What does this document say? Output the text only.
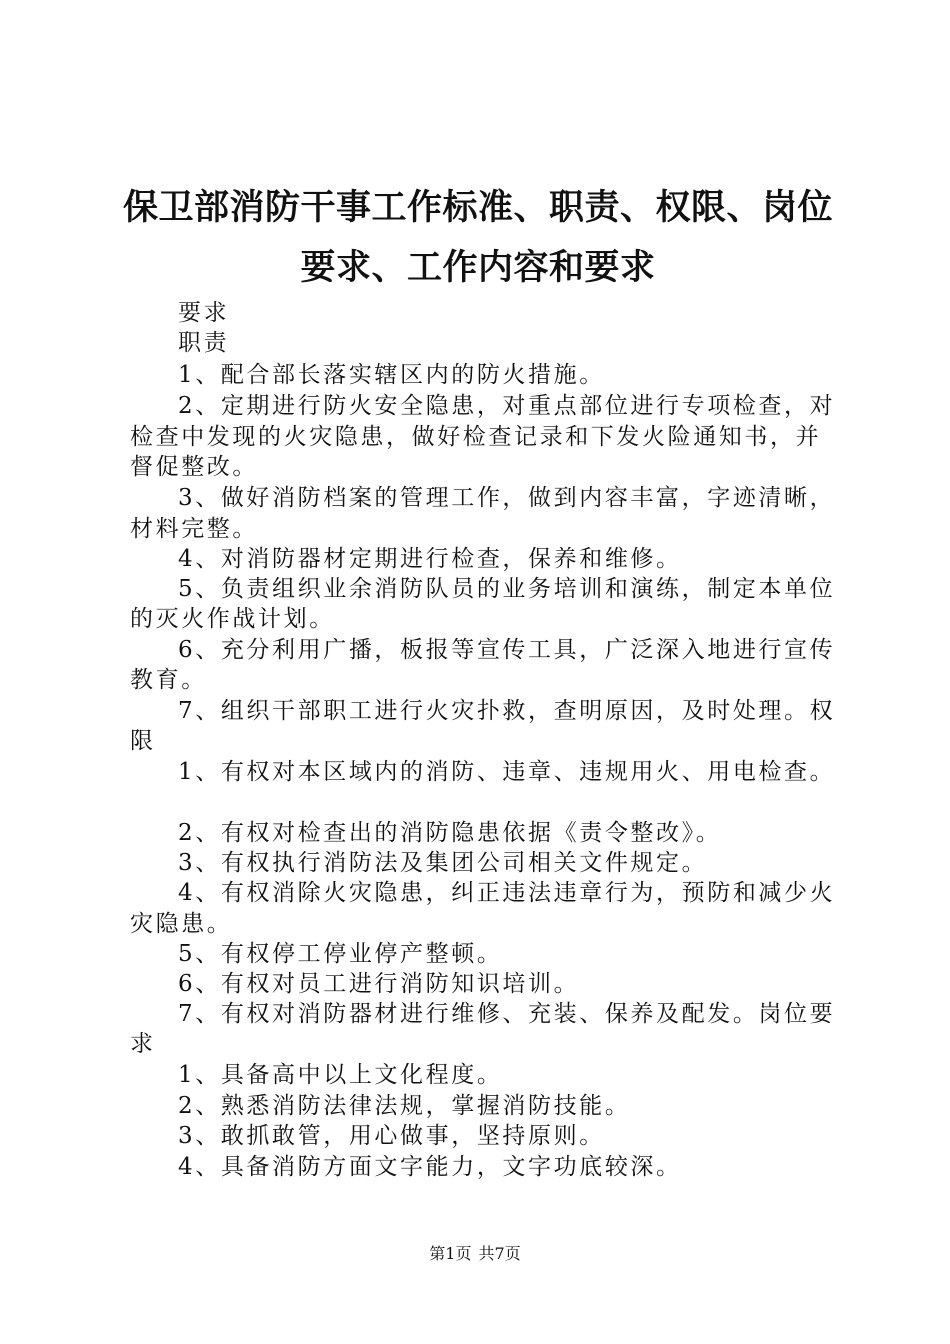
保卫部消防干事工作标准、职责、权限、岗位
要求、工作内容和要求
要求
职责
1、配合部长落实辖区内的防火措施。
2、定期进行防火安全隐患，对重点部位进行专项检查，对
检查中发现的火灾隐患，做好检查记录和下发火险通知书，并
督促整改。
3、做好消防档案的管理工作，做到内容丰富，字迹清晰，
材料完整。
4、对消防器材定期进行检查，保养和维修。
5、负责组织业余消防队员的业务培训和演练，制定本单位
的灭火作战计划。
6、充分利用广播，板报等宣传工具，广泛深入地进行宣传
教育。
7、组织干部职工进行火灾扑救，查明原因，及时处理。权
限
1、有权对本区域内的消防、违章、违规用火、用电检查。
2、有权对检查出的消防隐患依据《责令整改》。
3、有权执行消防法及集团公司相关文件规定。
4、有权消除火灾隐患，纠正违法违章行为，预防和减少火
灾隐患。
5、有权停工停业停产整顿。
6、有权对员工进行消防知识培训。
7、有权对消防器材进行维修、充装、保养及配发。岗位要
求
1、具备高中以上文化程度。
2、熟悉消防法律法规，掌握消防技能。
3、敢抓敢管，用心做事，坚持原则。
4、具备消防方面文字能力，文字功底较深。
第1页 共7页
